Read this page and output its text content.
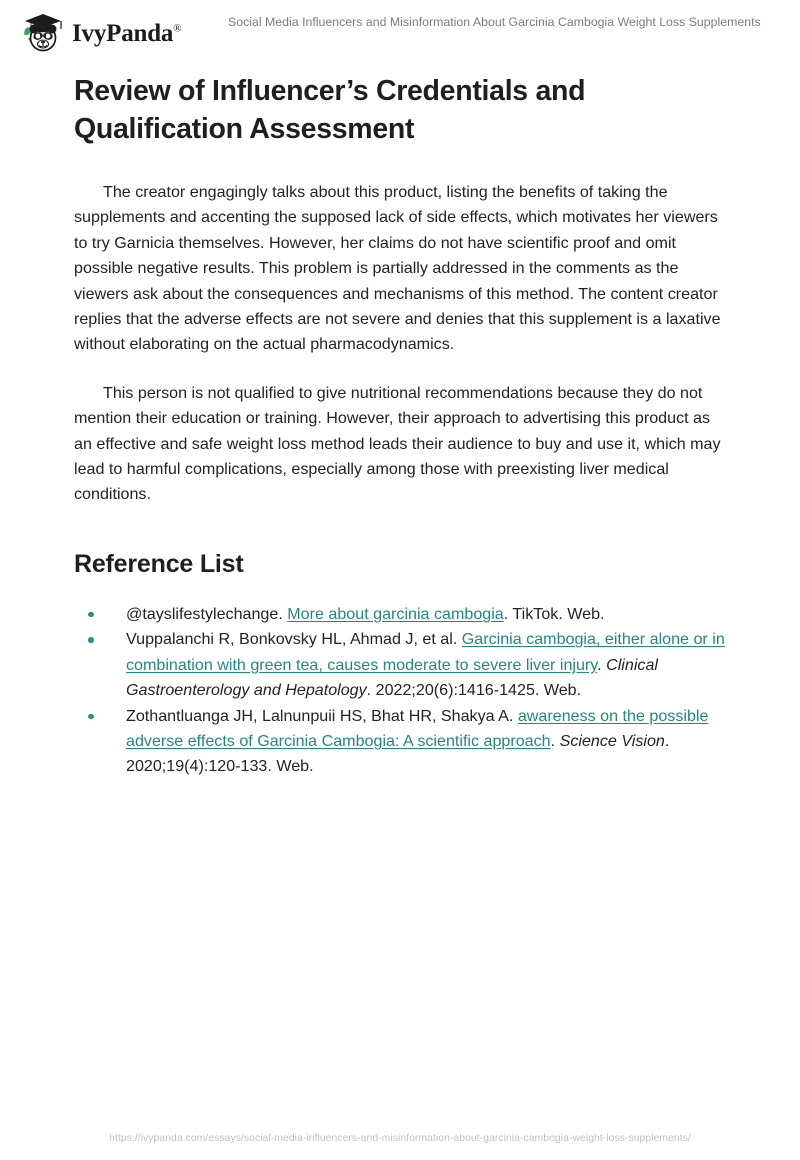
IvyPanda®	Social Media Influencers and Misinformation About Garcinia Cambogia Weight Loss Supplements
Review of Influencer’s Credentials and Qualification Assessment

The creator engagingly talks about this product, listing the benefits of taking the supplements and accenting the supposed lack of side effects, which motivates her viewers to try Garnicia themselves. However, her claims do not have scientific proof and omit possible negative results. This problem is partially addressed in the comments as the viewers ask about the consequences and mechanisms of this method. The content creator replies that the adverse effects are not severe and denies that this supplement is a laxative without elaborating on the actual pharmacodynamics.

This person is not qualified to give nutritional recommendations because they do not mention their education or training. However, their approach to advertising this product as an effective and safe weight loss method leads their audience to buy and use it, which may lead to harmful complications, especially among those with preexisting liver medical conditions.

Reference List
@tayslifestylechange. More about garcinia cambogia. TikTok. Web.
Vuppalanchi R, Bonkovsky HL, Ahmad J, et al. Garcinia cambogia, either alone or in combination with green tea, causes moderate to severe liver injury. Clinical Gastroenterology and Hepatology. 2022;20(6):1416-1425. Web.
Zothantluanga JH, Lalnunpuii HS, Bhat HR, Shakya A. awareness on the possible adverse effects of Garcinia Cambogia: A scientific approach. Science Vision. 2020;19(4):120-133. Web.
https://ivypanda.com/essays/social-media-influencers-and-misinformation-about-garcinia-cambogia-weight-loss-supplements/
